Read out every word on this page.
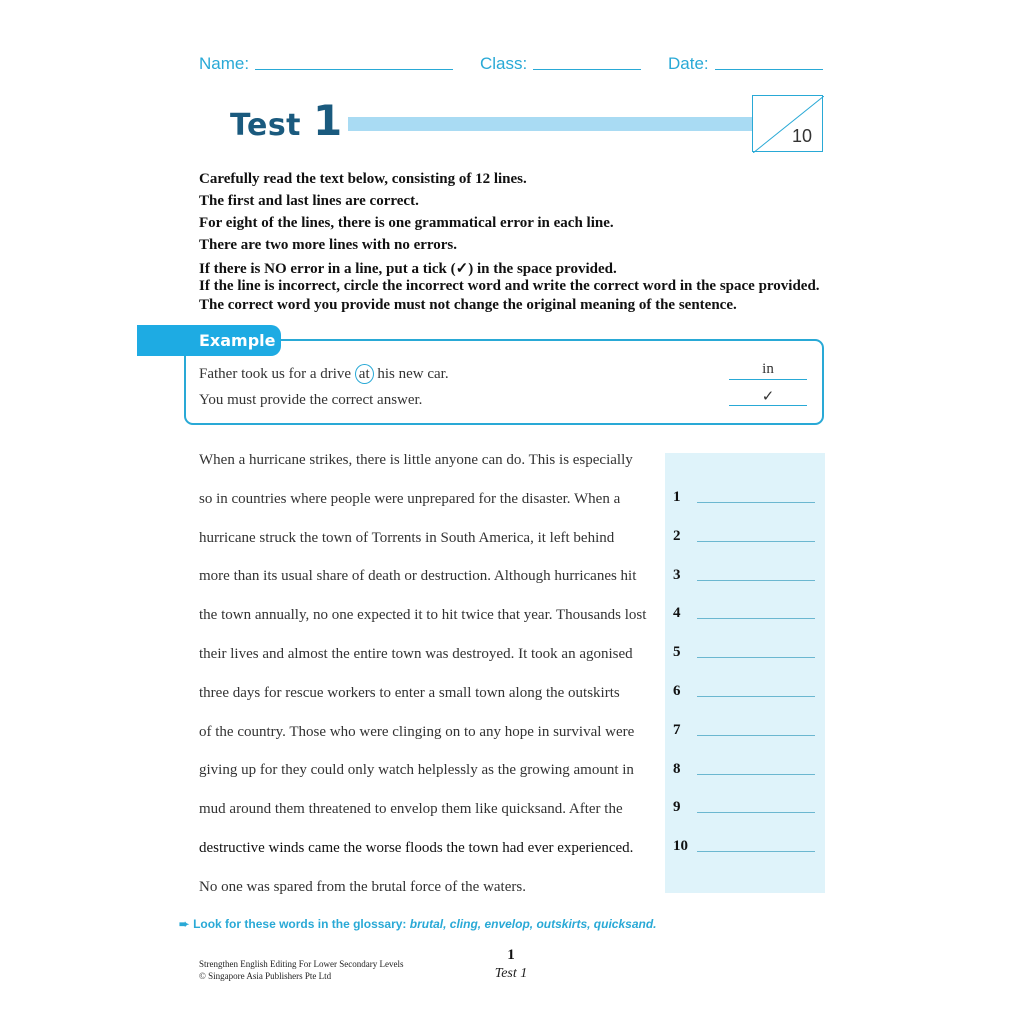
Name:	Class:	Date:
Test 1	10
Carefully read the text below, consisting of 12 lines.
The first and last lines are correct.
For eight of the lines, there is one grammatical error in each line.
There are two more lines with no errors.
If there is NO error in a line, put a tick (✓) in the space provided.
If the line is incorrect, circle the incorrect word and write the correct word in the space provided.
The correct word you provide must not change the original meaning of the sentence.
Example
Father took us for a drive at his new car.	in
You must provide the correct answer.	✓
When a hurricane strikes, there is little anyone can do. This is especially
so in countries where people were unprepared for the disaster. When a
hurricane struck the town of Torrents in South America, it left behind
more than its usual share of death or destruction. Although hurricanes hit
the town annually, no one expected it to hit twice that year. Thousands lost
their lives and almost the entire town was destroyed. It took an agonised
three days for rescue workers to enter a small town along the outskirts
of the country. Those who were clinging on to any hope in survival were
giving up for they could only watch helplessly as the growing amount in
mud around them threatened to envelop them like quicksand. After the
destructive winds came the worse floods the town had ever experienced.
No one was spared from the brutal force of the waters.
1
2
3
4
5
6
7
8
9
10
➨ Look for these words in the glossary: brutal, cling, envelop, outskirts, quicksand.
Strengthen English Editing For Lower Secondary Levels
© Singapore Asia Publishers Pte Ltd
1
Test 1
